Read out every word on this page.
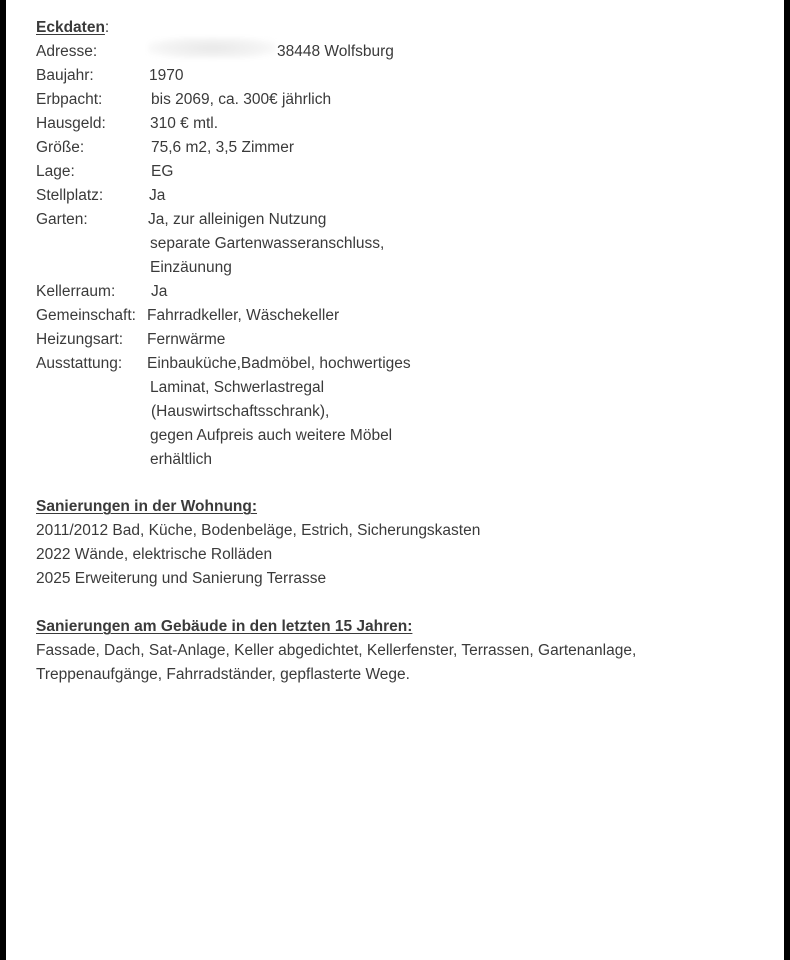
Eckdaten:
Adresse:
Baujahr:
Erbpacht:
Hausgeld:
Größe:
Lage:
Stellplatz:
Garten:
Kellerraum:
Gemeinschaft:
Heizungsart:
Ausstattung:
38448 Wolfsburg
1970
bis 2069, ca. 300€ jährlich
310 € mtl.
75,6 m2, 3,5 Zimmer
EG
Ja
Ja, zur alleinigen Nutzung
separate Gartenwasseranschluss,
Einzäunung
Ja
Fahrradkeller, Wäschekeller
Fernwärme
Einbauküche,Badmöbel, hochwertiges
Laminat, Schwerlastregal
(Hauswirtschaftsschrank),
gegen Aufpreis auch weitere Möbel
erhältlich
Sanierungen in der Wohnung:
2011/2012 Bad, Küche, Bodenbeläge, Estrich, Sicherungskasten
2022 Wände, elektrische Rolläden
2025 Erweiterung und Sanierung Terrasse
Sanierungen am Gebäude in den letzten 15 Jahren:
Fassade, Dach, Sat-Anlage, Keller abgedichtet, Kellerfenster, Terrassen, Gartenanlage,
Treppenaufgänge, Fahrradständer, gepflasterte Wege.
